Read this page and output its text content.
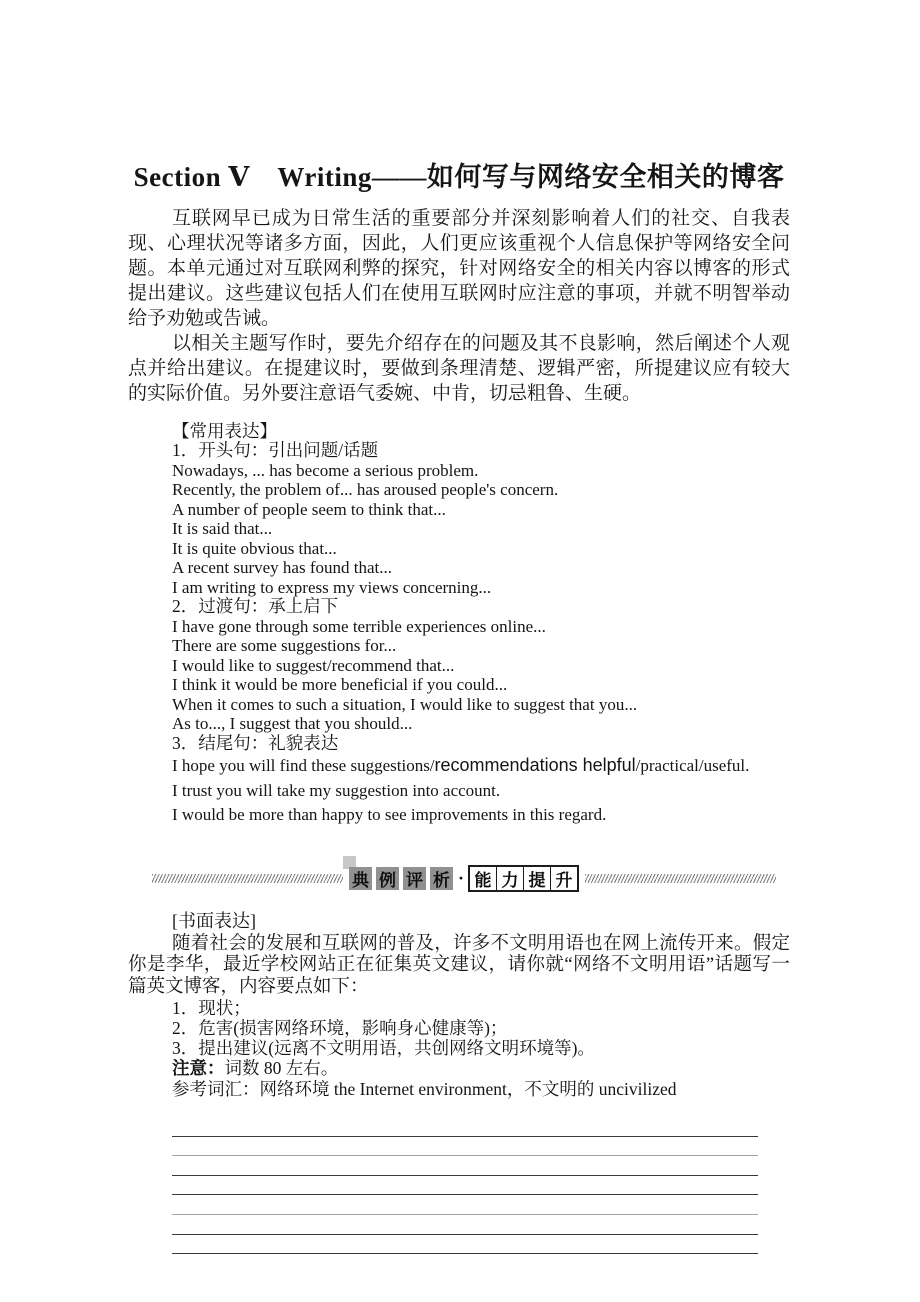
Section Ⅴ　Writing——如何写与网络安全相关的博客

互联网早已成为日常生活的重要部分并深刻影响着人们的社交、自我表现、心理状况等诸多方面，因此，人们更应该重视个人信息保护等网络安全问题。本单元通过对互联网利弊的探究，针对网络安全的相关内容以博客的形式提出建议。这些建议包括人们在使用互联网时应注意的事项，并就不明智举动给予劝勉或告诫。

以相关主题写作时，要先介绍存在的问题及其不良影响，然后阐述个人观点并给出建议。在提建议时，要做到条理清楚、逻辑严密，所提建议应有较大的实际价值。另外要注意语气委婉、中肯，切忌粗鲁、生硬。

【常用表达】
1．开头句：引出问题/话题
Nowadays, ... has become a serious problem.
Recently, the problem of... has aroused people's concern.
A number of people seem to think that...
It is said that...
It is quite obvious that...
A recent survey has found that...
I am writing to express my views concerning...
2．过渡句：承上启下
I have gone through some terrible experiences online...
There are some suggestions for...
I would like to suggest/recommend that...
I think it would be more beneficial if you could...
When it comes to such a situation, I would like to suggest that you...
As to..., I suggest that you should...
3．结尾句：礼貌表达
I hope you will find these suggestions/recommendations helpful/practical/useful.
I trust you will take my suggestion into account.
I would be more than happy to see improvements in this regard.
典 例 评 析 · 能 力 提 升
[书面表达]

随着社会的发展和互联网的普及，许多不文明用语也在网上流传开来。假定你是李华，最近学校网站正在征集英文建议，请你就“网络不文明用语”话题写一篇英文博客，内容要点如下：

1．现状；
2．危害(损害网络环境，影响身心健康等)；
3．提出建议(远离不文明用语，共创网络文明环境等)。
注意：词数 80 左右。
参考词汇：网络环境 the Internet environment，不文明的 uncivilized
